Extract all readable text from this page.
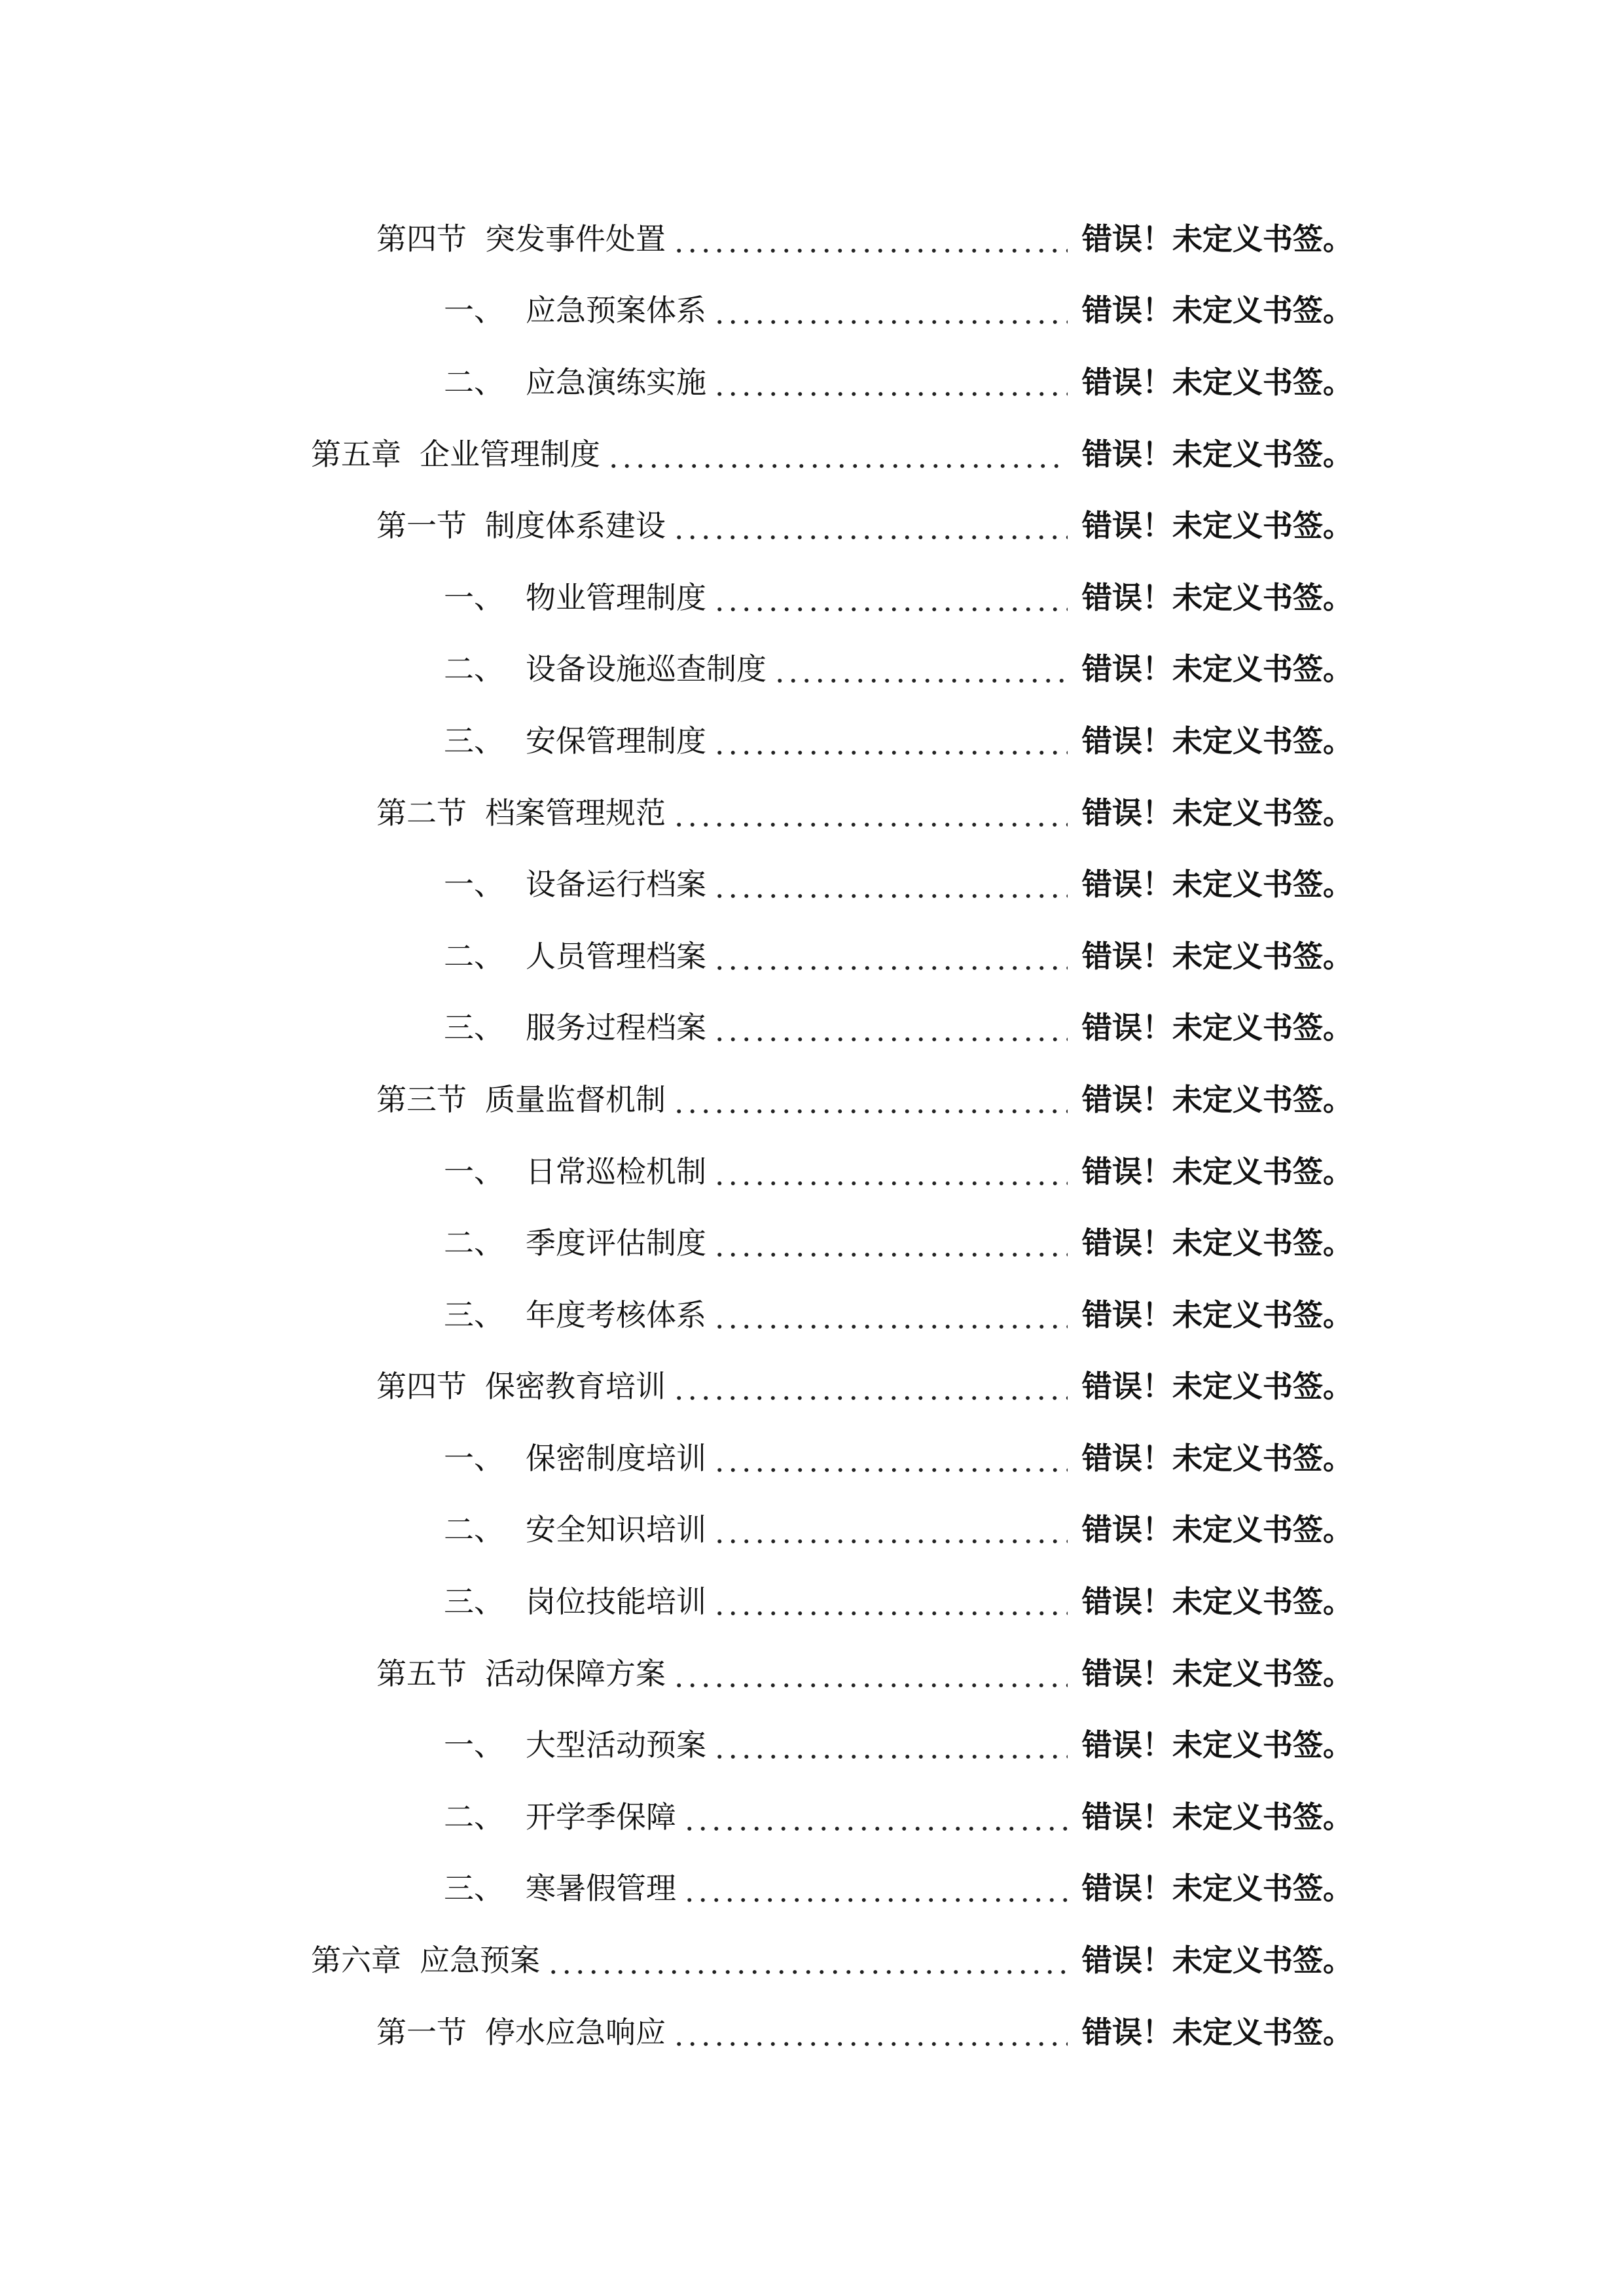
第四节 突发事件处置	错误！未定义书签。
一、 应急预案体系	错误！未定义书签。
二、 应急演练实施	错误！未定义书签。
第五章 企业管理制度	错误！未定义书签。
第一节 制度体系建设	错误！未定义书签。
一、 物业管理制度	错误！未定义书签。
二、 设备设施巡查制度	错误！未定义书签。
三、 安保管理制度	错误！未定义书签。
第二节 档案管理规范	错误！未定义书签。
一、 设备运行档案	错误！未定义书签。
二、 人员管理档案	错误！未定义书签。
三、 服务过程档案	错误！未定义书签。
第三节 质量监督机制	错误！未定义书签。
一、 日常巡检机制	错误！未定义书签。
二、 季度评估制度	错误！未定义书签。
三、 年度考核体系	错误！未定义书签。
第四节 保密教育培训	错误！未定义书签。
一、 保密制度培训	错误！未定义书签。
二、 安全知识培训	错误！未定义书签。
三、 岗位技能培训	错误！未定义书签。
第五节 活动保障方案	错误！未定义书签。
一、 大型活动预案	错误！未定义书签。
二、 开学季保障	错误！未定义书签。
三、 寒暑假管理	错误！未定义书签。
第六章 应急预案	错误！未定义书签。
第一节 停水应急响应	错误！未定义书签。
